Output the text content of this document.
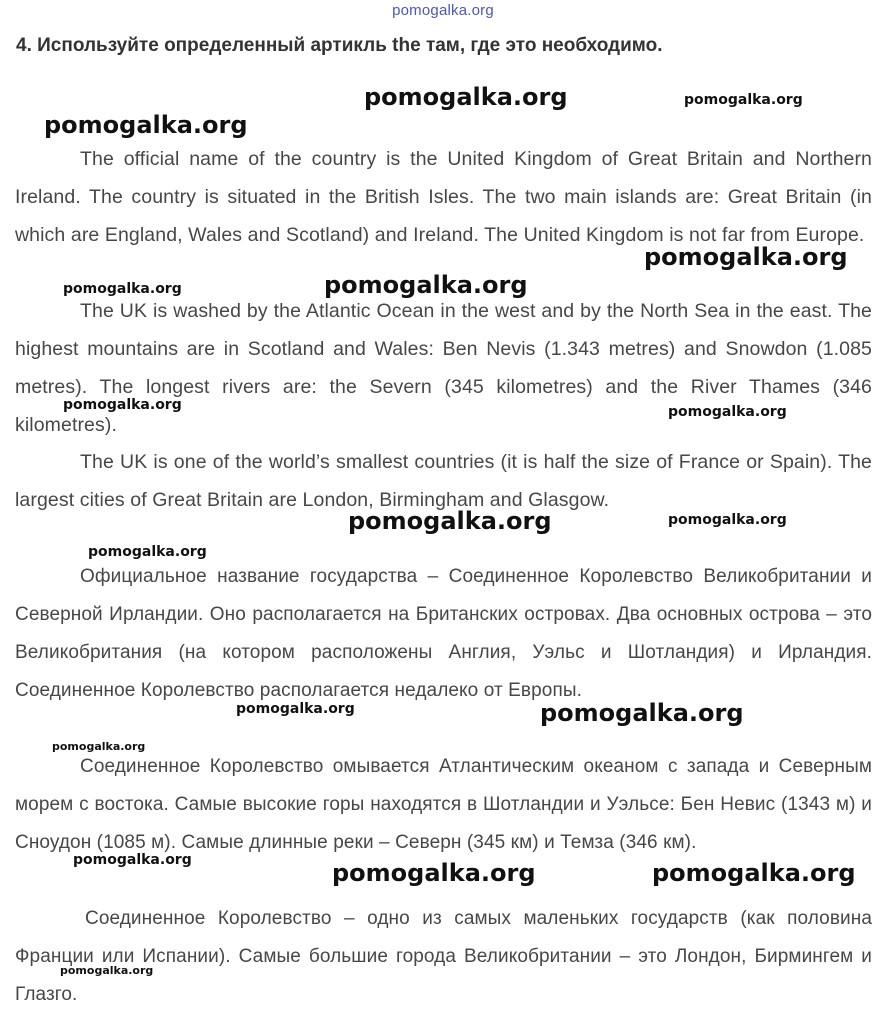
pomogalka.org
4. Используйте определенный артикль the там, где это необходимо.

The official name of the country is the United Kingdom of Great Britain and Northern Ireland. The country is situated in the British Isles. The two main islands are: Great Britain (in which are England, Wales and Scotland) and Ireland. The United Kingdom is not far from Europe.

The UK is washed by the Atlantic Ocean in the west and by the North Sea in the east. The highest mountains are in Scotland and Wales: Ben Nevis (1.343 metres) and Snowdon (1.085 metres). The longest rivers are: the Severn (345 kilometres) and the River Thames (346 kilometres).

The UK is one of the world’s smallest countries (it is half the size of France or Spain). The largest cities of Great Britain are London, Birmingham and Glasgow.

Официальное название государства – Соединенное Королевство Великобритании и Северной Ирландии. Оно располагается на Британских островах. Два основных острова – это Великобритания (на котором расположены Англия, Уэльс и Шотландия) и Ирландия. Соединенное Королевство располагается недалеко от Европы.

Соединенное Королевство омывается Атлантическим океаном с запада и Северным морем с востока. Самые высокие горы находятся в Шотландии и Уэльсе: Бен Невис (1343 м) и Сноудон (1085 м). Самые длинные реки – Северн (345 км) и Темза (346 км).

Соединенное Королевство – одно из самых маленьких государств (как половина Франции или Испании). Самые большие города Великобритании – это Лондон, Бирмингем и Глазго.

pomogalka.org	pomogalka.org
pomogalka.org
pomogalka.org
pomogalka.org
pomogalka.org
pomogalka.org	pomogalka.org
pomogalka.org	pomogalka.org
pomogalka.org
pomogalka.org	pomogalka.org
pomogalka.org
pomogalka.org	pomogalka.org	pomogalka.org
pomogalka.org
